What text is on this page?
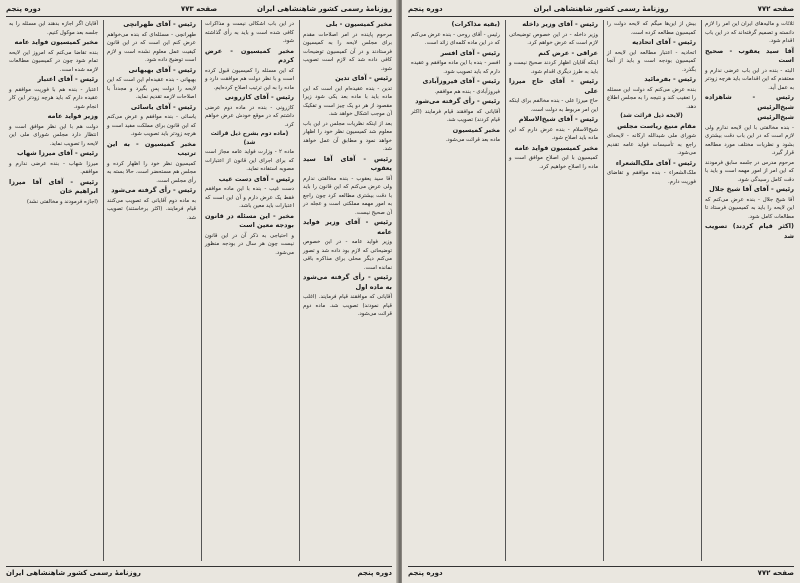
روزنامهٔ رسمی کشور شاهنشاهی ایران
صفحه ۷۷۳
دوره پنجم

مخبر کمیسیون - بلی

مرحوم پاینده در امر اصلاحات مقدم برای مجلس لایحه را به کمیسیون فرستادند و در آن کمیسیون توضیحات کافی داده شد که لازم است تصویب شود.

رئیس - آقای تدین

تدین - بنده عقیده‌ام این است که این ماده باید با ماده بعد یکی شود زیرا مقصود از هر دو یک چیز است و تفکیک آن موجب اشکال خواهد شد.

بعد از اینکه نظریات مجلس در این باب معلوم شد کمیسیون نظر خود را اظهار خواهد نمود و مطابق آن عمل خواهد شد.

رئیس - آقای آقا سید یعقوب

آقا سید یعقوب - بنده مخالفتی ندارم ولی عرض می‌کنم که این قانون را باید با دقت بیشتری مطالعه کرد چون راجع به امور مهمه مملکتی است و عجله در آن صحیح نیست.

رئیس - آقای وزیر فواید عامه

وزیر فواید عامه - در این خصوص توضیحاتی که لازم بود داده شد و تصور می‌کنم دیگر محلی برای مذاکره باقی نمانده است.

رئیس - رأی گرفته می‌شود به ماده اول

آقایانی که موافقند قیام فرمایند. (اغلب قیام نمودند) تصویب شد. ماده دوم قرائت می‌شود.

در این باب اشکالی نیست و مذاکرات کافی شده است و باید به رأی گذاشته شود.

مخبر کمیسیون - عرض کردم

که این مسئله را کمیسیون قبول کرده است و با نظر دولت هم موافقت دارد و ماده را به این ترتیب اصلاح کرده‌ایم.

رئیس - آقای کازرونی

کازرونی - بنده در ماده دوم عرضی داشتم که در موقع خودش عرض خواهم کرد.

(ماده دوم بشرح ذیل قرائت شد)

ماده ۲ - وزارت فواید عامه مجاز است که برای اجرای این قانون از اعتبارات مصوبه استفاده نماید.

رئیس - آقای دست غیب

دست غیب - بنده با این ماده موافقم فقط یک عرض دارم و آن این است که اعتبارات باید معین باشد.

مخبر - این مسئله در قانون بودجه معین است

و احتیاجی به ذکر آن در این قانون نیست چون هر سال در بودجه منظور می‌شود.

رئیس - آقای طهرانچی

طهرانچی - مسئله‌ای که بنده می‌خواهم عرض کنم این است که در این قانون کیفیت عمل معلوم نشده است و لازم است توضیح داده شود.

رئیس - آقای بهبهانی

بهبهانی - بنده عقیده‌ام این است که این لایحه را دولت پس بگیرد و مجدداً با اصلاحات لازمه تقدیم نماید.

رئیس - آقای یاسائی

یاسائی - بنده موافقم و عرض می‌کنم که این قانون برای مملکت مفید است و هرچه زودتر باید تصویب شود.

مخبر کمیسیون - به این ترتیب

کمیسیون نظر خود را اظهار کرده و مجلس هم مستحضر است. حالا بسته به رأی مجلس است.

رئیس - رأی گرفته می‌شود

به ماده دوم آقایانی که تصویب می‌کنند قیام فرمایند. (اکثر برخاستند) تصویب شد.

آقایان اگر اجازه بدهند این مسئله را به جلسه بعد موکول کنیم.

مخبر کمیسیون فواید عامه

بنده تقاضا می‌کنم که امروز این لایحه تمام شود چون در کمیسیون مطالعات لازمه شده است.

رئیس - آقای اعتبار

اعتبار - بنده هم با فوریت موافقم و عقیده دارم که باید هرچه زودتر این کار انجام شود.

وزیر فواید عامه

دولت هم با این نظر موافق است و انتظار دارد مجلس شورای ملی این لایحه را تصویب نماید.

رئیس - آقای میرزا شهاب

میرزا شهاب - بنده عرضی ندارم و موافقم.

رئیس - آقای آقا میرزا ابراهیم خان

(اجازه فرمودند و مخالفتی نشد)

دوره پنجم
روزنامهٔ رسمی کشور شاهنشاهی ایران
صفحه ۷۷۲
روزنامهٔ رسمی کشور شاهنشاهی ایران
دوره پنجم

ثلاثات و مالیه‌های ایران این امر را لازم دانسته و تصمیم گرفته‌اند که در این باب اقدام شود.

آقا سید یعقوب - صحیح است

البته - بنده در این باب عرضی ندارم و معتقدم که این اقدامات باید هرچه زودتر به عمل آید.

رئیس - شاهزاده شیخ‌الرئیس

شیخ‌الرئیس

- بنده مخالفتی با این لایحه ندارم ولی لازم است که در این باب دقت بیشتری بشود و نظریات مختلف مورد مطالعه قرار گیرد.

مرحوم مدرس در جلسه سابق فرمودند که این امر از امور مهمه است و باید با دقت کامل رسیدگی شود.

رئیس - آقای آقا شیخ جلال

آقا شیخ جلال - بنده عرض می‌کنم که این لایحه را باید به کمیسیون فرستاد تا مطالعات کامل شود.

(اکثر قیام کردند) تصویب شد

بیش از این‌ها میگم که لایحه دولت را کمیسیون مطالعه کرده است.

رئیس - آقای اتحادیه

اتحادیه - اعتبار مطالعه این لایحه از کمیسیون بودجه است و باید از آنجا بگذرد.

رئیس - بفرمائید

بنده عرض می‌کنم که دولت این مسئله را تعقیب کند و نتیجه را به مجلس اطلاع دهد.

(لایحه ذیل قرائت شد)

مقام منیع ریاست مجلس

شورای ملی شیدالله ارکانه - لایحه‌ای راجع به تأسیسات فواید عامه تقدیم می‌شود.

رئیس - آقای ملک‌الشعراء

ملک‌الشعراء - بنده موافقم و تقاضای فوریت دارم.

رئیس - آقای وزیر داخله

وزیر داخله - در این خصوص توضیحاتی لازم است که عرض خواهم کرد.

عراقی - عرض کنم

اینکه آقایان اظهار کردند صحیح نیست و باید به طرز دیگری اقدام شود.

رئیس - آقای حاج میرزا علی

حاج میرزا علی - بنده مخالفم برای اینکه این امر مربوط به دولت است.

رئیس - آقای شیخ‌الاسلام

شیخ‌الاسلام - بنده عرض دارم که این ماده باید اصلاح شود.

مخبر کمیسیون فواید عامه

کمیسیون با این اصلاح موافق است و ماده را اصلاح خواهیم کرد.

(بقیه مذاکرات)

رئیس - آقای روحی - بنده عرض می‌کنم که در این ماده کلمه‌ای زائد است.

رئیس - آقای افسر

افسر - بنده با این ماده موافقم و عقیده دارم که باید تصویب شود.

رئیس - آقای فیروزآبادی

فیروزآبادی - بنده هم موافقم.

رئیس - رأی گرفته می‌شود

آقایانی که موافقند قیام فرمایند (اکثر قیام کردند) تصویب شد.

مخبر کمیسیون

ماده بعد قرائت می‌شود.

صفحه ۷۷۲
دوره پنجم
